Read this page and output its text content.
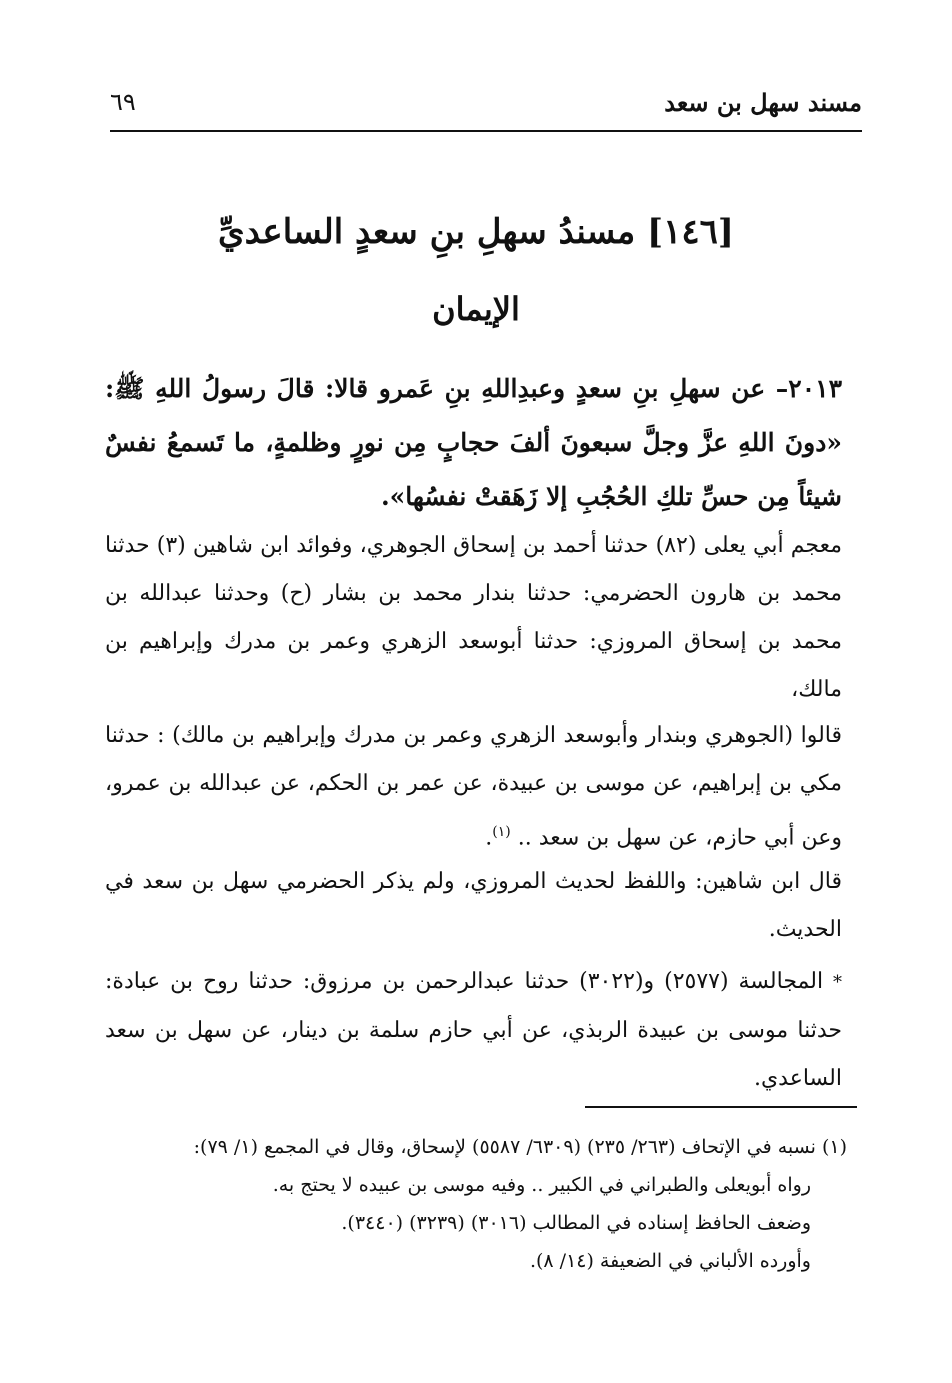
مسند سهل بن سعد
٦٩
[١٤٦] مسندُ سهلِ بنِ سعدٍ الساعديِّ
الإيمان
٢٠١٣– عن سهلِ بنِ سعدٍ وعبدِاللهِ بنِ عَمرو قالا: قالَ رسولُ اللهِ ﷺ: «دونَ اللهِ عزَّ وجلَّ سبعونَ ألفَ حجابٍ مِن نورٍ وظلمةٍ، ما تَسمعُ نفسٌ شيئاً مِن حسِّ تلكِ الحُجُبِ إلا زَهَقتْ نفسُها».
معجم أبي يعلى (٨٢) حدثنا أحمد بن إسحاق الجوهري، وفوائد ابن شاهين (٣) حدثنا محمد بن هارون الحضرمي: حدثنا بندار محمد بن بشار (ح) وحدثنا عبدالله بن محمد بن إسحاق المروزي: حدثنا أبوسعد الزهري وعمر بن مدرك وإبراهيم بن مالك،
قالوا (الجوهري وبندار وأبوسعد الزهري وعمر بن مدرك وإبراهيم بن مالك) : حدثنا مكي بن إبراهيم، عن موسى بن عبيدة، عن عمر بن الحكم، عن عبدالله بن عمرو، وعن أبي حازم، عن سهل بن سعد .. $^{(١)}$.
قال ابن شاهين: واللفظ لحديث المروزي، ولم يذكر الحضرمي سهل بن سعد في الحديث.
* المجالسة (٢٥٧٧) و(٣٠٢٢) حدثنا عبدالرحمن بن مرزوق: حدثنا روح بن عبادة: حدثنا موسى بن عبيدة الربذي، عن أبي حازم سلمة بن دينار، عن سهل بن سعد الساعدي.
(١) نسبه في الإتحاف (٢٦٣/ ٢٣٥) (٦٣٠٩/ ٥٥٨٧) لإسحاق، وقال في المجمع (١/ ٧٩):
رواه أبويعلى والطبراني في الكبير .. وفيه موسى بن عبيده لا يحتج به.
وضعف الحافظ إسناده في المطالب (٣٠١٦) (٣٢٣٩) (٣٤٤٠).
وأورده الألباني في الضعيفة (١٤/ ٨).
